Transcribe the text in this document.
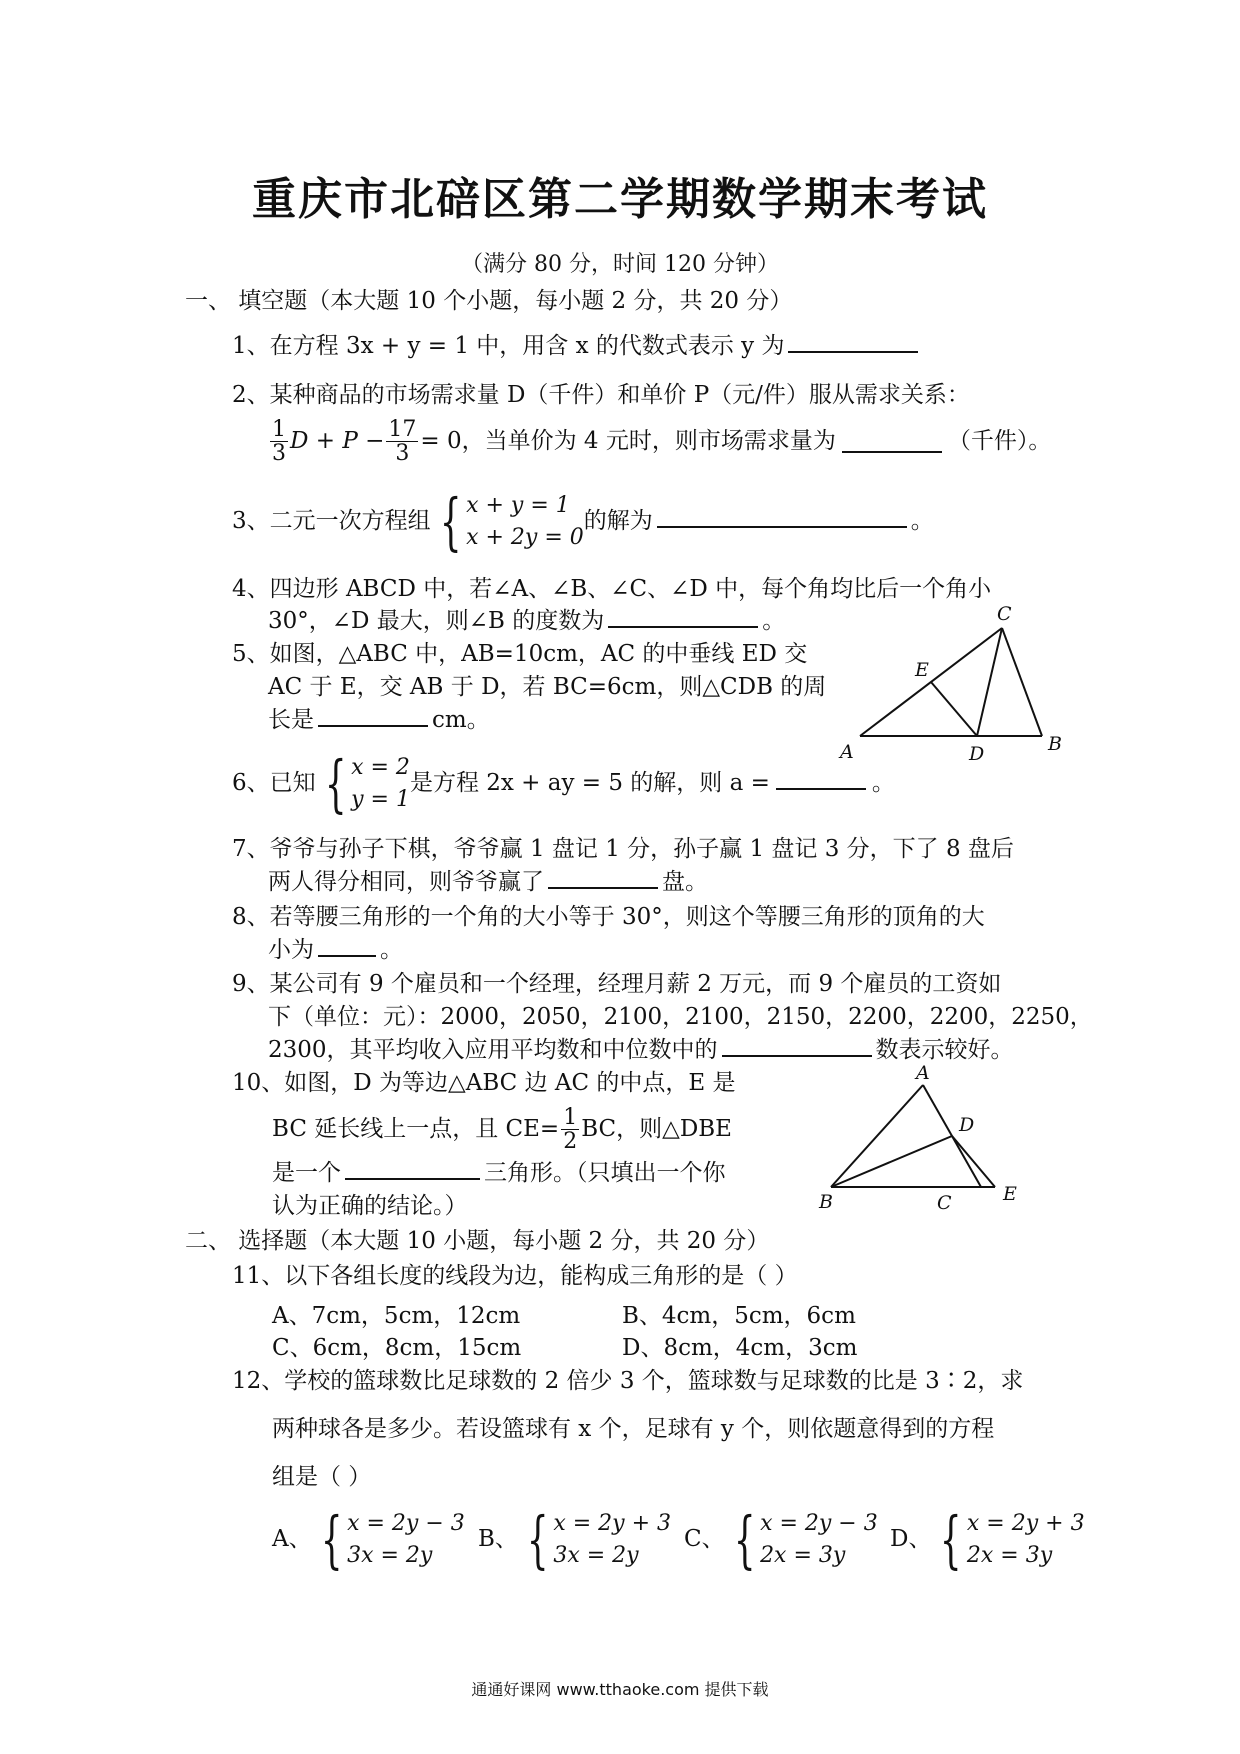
重庆市北碚区第二学期数学期末考试
（满分 80 分，时间 120 分钟）
一、 填空题（本大题 10 个小题，每小题 2 分，共 20 分）
1、在方程 3x + y = 1 中，用含 x 的代数式表示 y 为
2、某种商品的市场需求量 D（千件）和单价 P（元/件）服从需求关系：
$\frac{1}{3}$ $D + P - \frac{17}{3} = 0$，当单价为 4 元时，则市场需求量为	（千件）。
3、二元一次方程组 { x + y = 1
x + 2y = 0
的解为	。
4、四边形 ABCD 中，若∠A、∠B、∠C、∠D 中，每个角均比后一个角小
30°，∠D 最大，则∠B 的度数为	。
5、如图，△ABC 中，AB=10cm，AC 的中垂线 ED 交
AC 于 E，交 AB 于 D，若 BC=6cm，则△CDB 的周
长是	cm。
A	B
C
D
E
6、已知 { x = 2
y = 1
是方程 2x + ay = 5 的解，则 a =	。
7、爷爷与孙子下棋，爷爷赢 1 盘记 1 分，孙子赢 1 盘记 3 分，下了 8 盘后
两人得分相同，则爷爷赢了	盘。
8、若等腰三角形的一个角的大小等于 30°，则这个等腰三角形的顶角的大
小为	。
9、某公司有 9 个雇员和一个经理，经理月薪 2 万元，而 9 个雇员的工资如
下（单位：元）：2000，2050，2100，2100，2150，2200，2200，2250，
2300，其平均收入应用平均数和中位数中的	数表示较好。
10、如图，D 为等边△ABC 边 AC 的中点，E 是
BC 延长线上一点，且 $CE= \frac{1}{2}$ BC，则△DBE
是一个	三角形。（只填出一个你
认为正确的结论。）
A
B	C
D
E
二、 选择题（本大题 10 小题，每小题 2 分，共 20 分）
11、以下各组长度的线段为边，能构成三角形的是（ ）
A、7cm，5cm，12cm	B、4cm，5cm，6cm
C、6cm，8cm，15cm	D、8cm，4cm，3cm
12、学校的篮球数比足球数的 2 倍少 3 个，篮球数与足球数的比是 3∶2，求
两种球各是多少。若设篮球有 x 个，足球有 y 个，则依题意得到的方程
组是（ ）
A、 { x = 2y − 3
3x = 2y
B、 { x = 2y + 3
3x = 2y
C、 { x = 2y − 3
2x = 3y
D、 { x = 2y + 3
2x = 3y
通通好课网 www.tthaoke.com 提供下载
